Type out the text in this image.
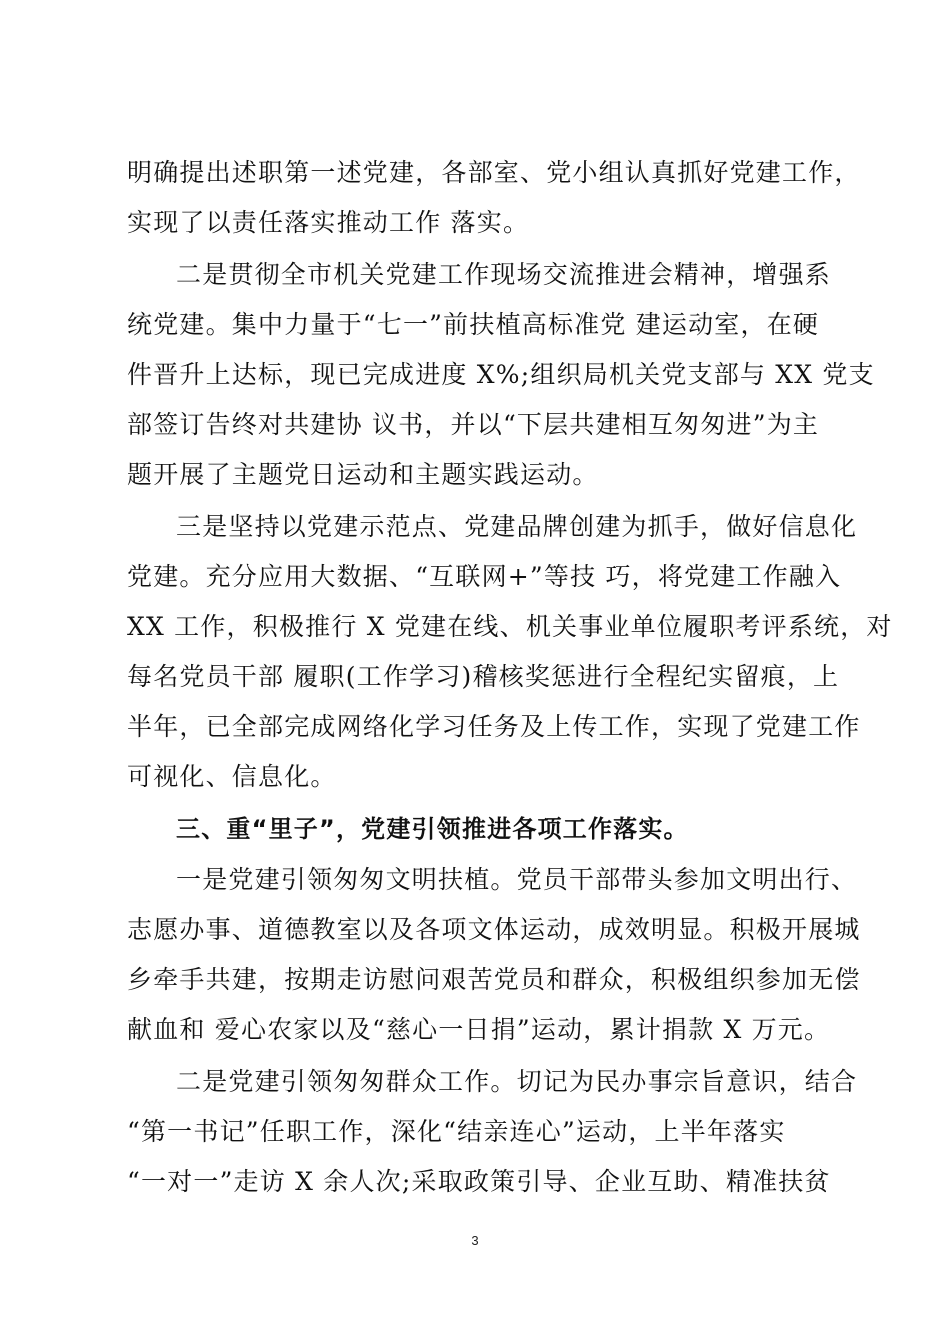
明确提出述职第一述党建，各部室、党小组认真抓好党建工作，
实现了以责任落实推动工作 落实。
二是贯彻全市机关党建工作现场交流推进会精神，增强系
统党建。集中力量于“七一”前扶植高标准党 建运动室，在硬
件晋升上达标，现已完成进度 X%;组织局机关党支部与 XX 党支
部签订告终对共建协 议书，并以“下层共建相互匆匆进”为主
题开展了主题党日运动和主题实践运动。
三是坚持以党建示范点、党建品牌创建为抓手，做好信息化
党建。充分应用大数据、“互联网+”等技 巧，将党建工作融入
XX 工作，积极推行 X 党建在线、机关事业单位履职考评系统，对
每名党员干部 履职(工作学习)稽核奖惩进行全程纪实留痕，上
半年，已全部完成网络化学习任务及上传工作，实现了党建工作
可视化、信息化。
三、重“里子”，党建引领推进各项工作落实。
一是党建引领匆匆文明扶植。党员干部带头参加文明出行、
志愿办事、道德教室以及各项文体运动，成效明显。积极开展城
乡牵手共建，按期走访慰问艰苦党员和群众，积极组织参加无偿
献血和 爱心农家以及“慈心一日捐”运动，累计捐款 X 万元。
二是党建引领匆匆群众工作。切记为民办事宗旨意识，结合
“第一书记”任职工作，深化“结亲连心”运动，上半年落实
“一对一”走访 X 余人次;采取政策引导、企业互助、精准扶贫
3
